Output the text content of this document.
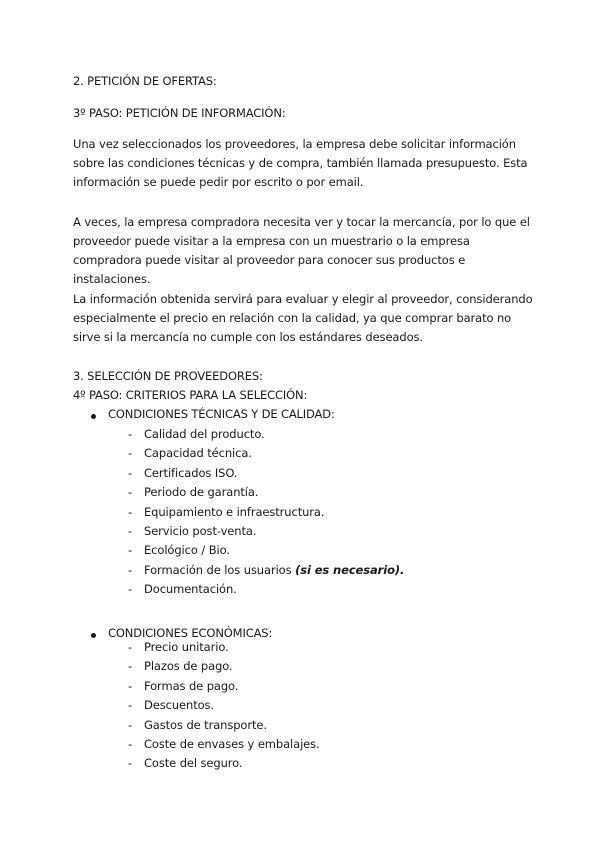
2. PETICIÓN DE OFERTAS:
3º PASO: PETICIÓN DE INFORMACIÓN:

Una vez seleccionados los proveedores, la empresa debe solicitar información sobre las condiciones técnicas y de compra, también llamada presupuesto. Esta información se puede pedir por escrito o por email.

A veces, la empresa compradora necesita ver y tocar la mercancía, por lo que el proveedor puede visitar a la empresa con un muestrario o la empresa compradora puede visitar al proveedor para conocer sus productos e instalaciones.

La información obtenida servirá para evaluar y elegir al proveedor, considerando especialmente el precio en relación con la calidad, ya que comprar barato no sirve si la mercancía no cumple con los estándares deseados.

3. SELECCIÓN DE PROVEEDORES:
4º PASO: CRITERIOS PARA LA SELECCIÓN:
CONDICIONES TÉCNICAS Y DE CALIDAD:
- Calidad del producto.
- Capacidad técnica.
- Certificados ISO.
- Periodo de garantía.
- Equipamiento e infraestructura.
- Servicio post-venta.
- Ecológico / Bio.
- Formación de los usuarios (si es necesario).
- Documentación.
CONDICIONES ECONÓMICAS:
- Precio unitario.
- Plazos de pago.
- Formas de pago.
- Descuentos.
- Gastos de transporte.
- Coste de envases y embalajes.
- Coste del seguro.
